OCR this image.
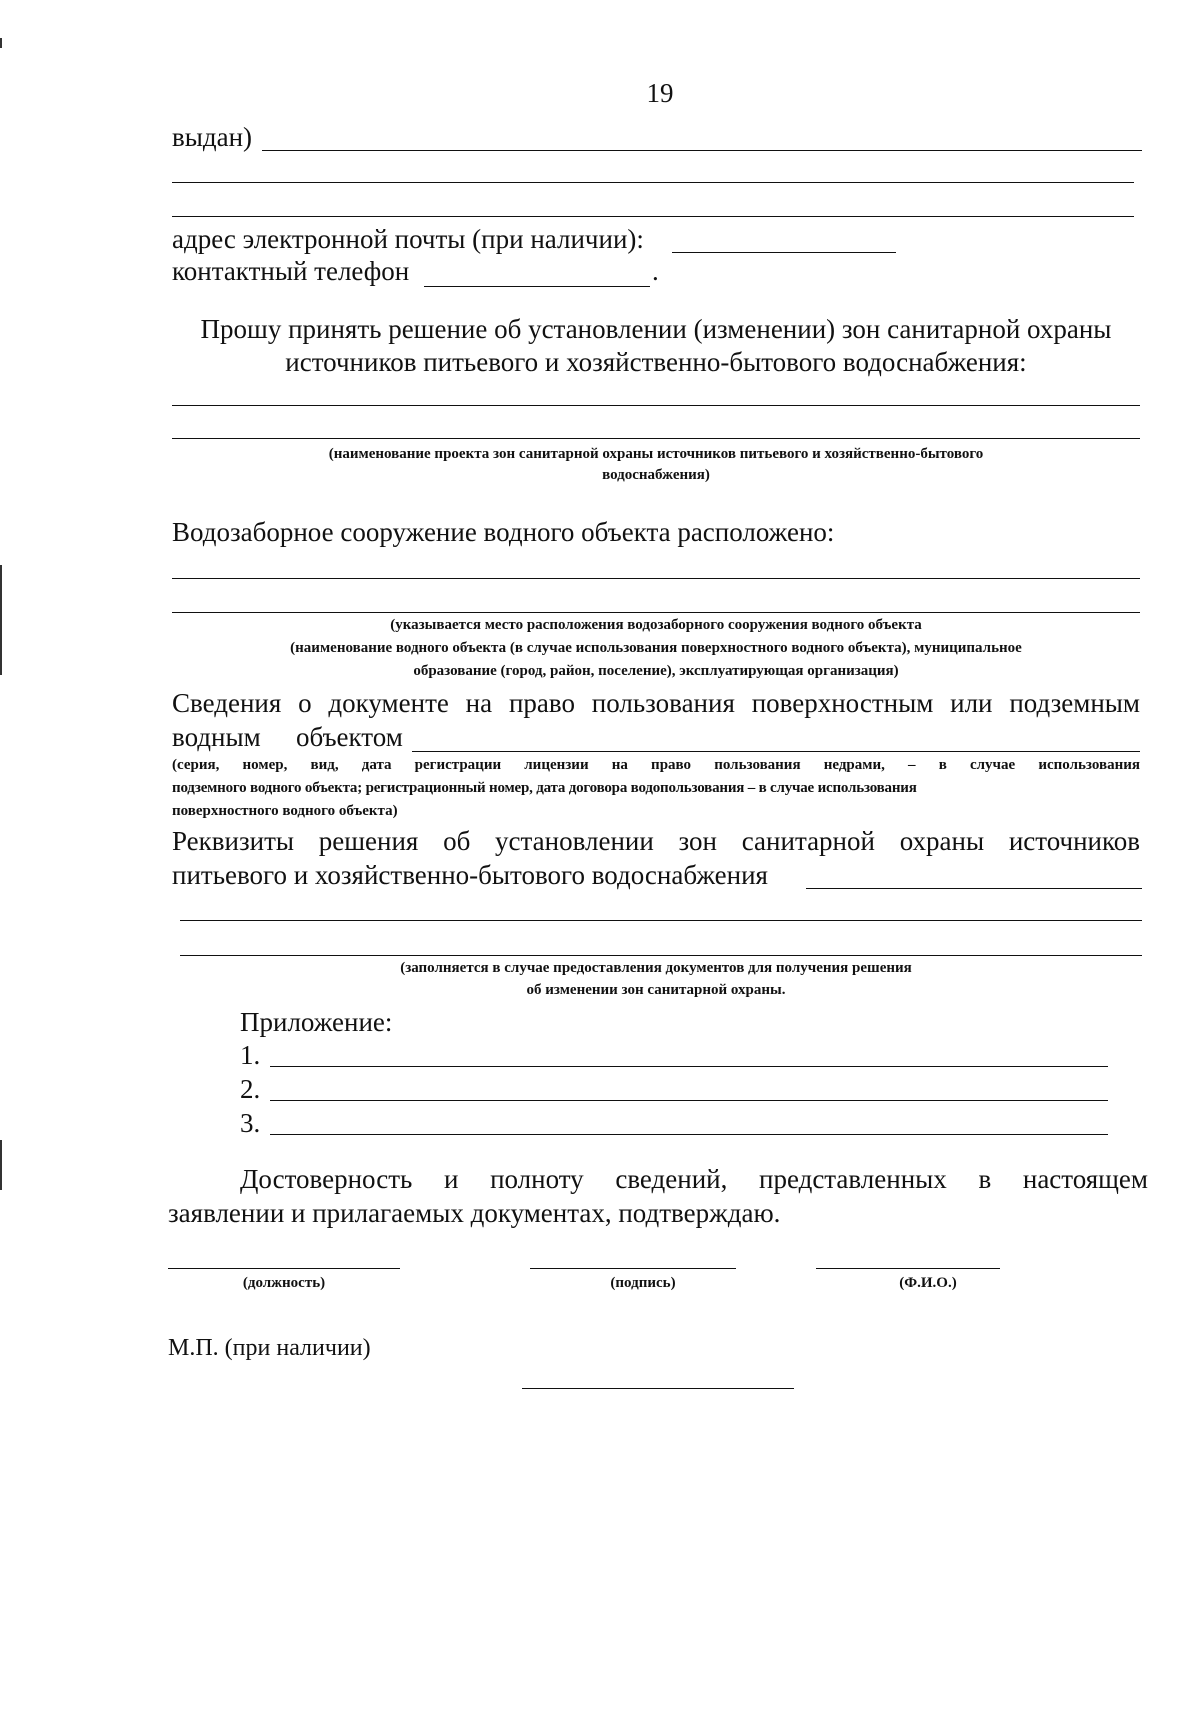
19
выдан)
адрес электронной почты (при наличии):
контактный телефон	.
Прошу принять решение об установлении (изменении) зон санитарной охраны
источников питьевого и хозяйственно-бытового водоснабжения:
(наименование проекта зон санитарной охраны источников питьевого и хозяйственно-бытового
водоснабжения)
Водозаборное сооружение водного объекта расположено:
(указывается место расположения водозаборного сооружения водного объекта
(наименование водного объекта (в случае использования поверхностного водного объекта), муниципальное
образование (город, район, поселение), эксплуатирующая организация)
Сведения о документе на право пользования поверхностным или подземным
водным объектом
(серия, номер, вид, дата регистрации лицензии на право пользования недрами, – в случае использования
подземного водного объекта; регистрационный номер, дата договора водопользования – в случае использования
поверхностного водного объекта)
Реквизиты решения об установлении зон санитарной охраны источников
питьевого и хозяйственно-бытового водоснабжения
(заполняется в случае предоставления документов для получения решения
об изменении зон санитарной охраны.
Приложение:
1.
2.
3.
Достоверность и полноту сведений, представленных в настоящем
заявлении и прилагаемых документах, подтверждаю.
(должность)	(подпись)	(Ф.И.О.)
М.П. (при наличии)
